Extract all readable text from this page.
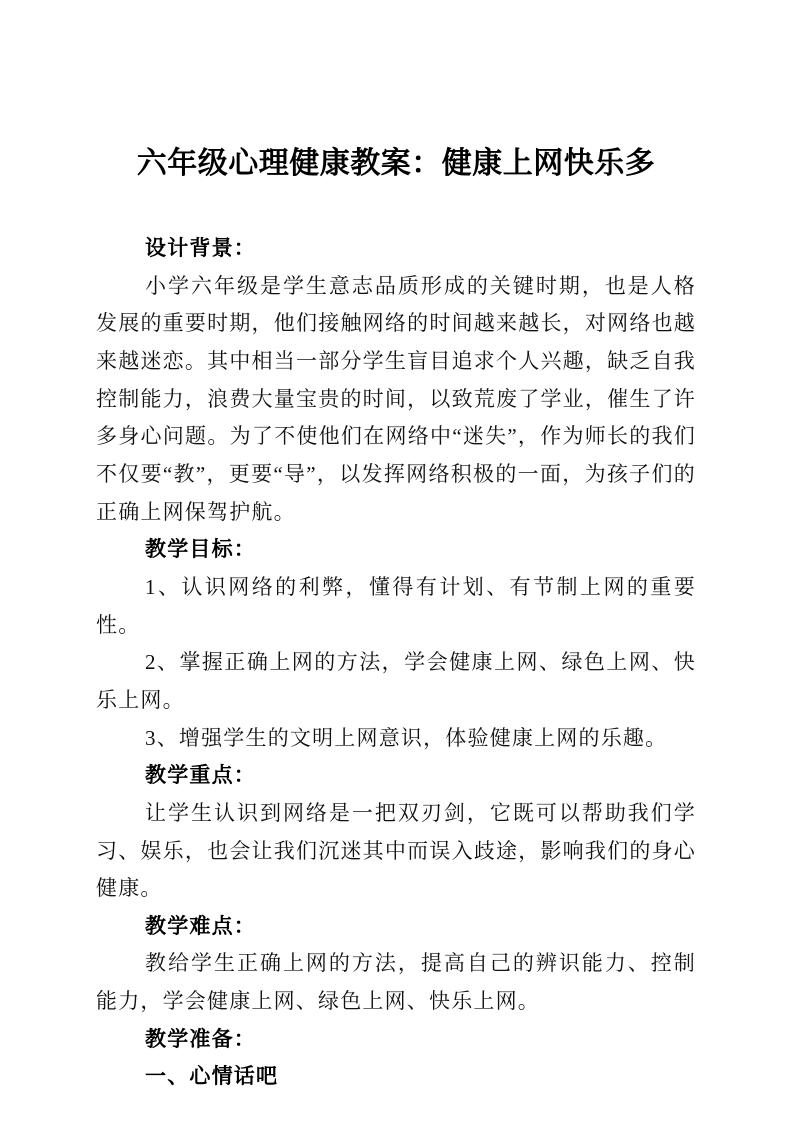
六年级心理健康教案：健康上网快乐多

设计背景：

小学六年级是学生意志品质形成的关键时期，也是人格发展的重要时期，他们接触网络的时间越来越长，对网络也越来越迷恋。其中相当一部分学生盲目追求个人兴趣，缺乏自我控制能力，浪费大量宝贵的时间，以致荒废了学业，催生了许多身心问题。为了不使他们在网络中“迷失”，作为师长的我们不仅要“教”，更要“导”，以发挥网络积极的一面，为孩子们的正确上网保驾护航。

教学目标：

1、认识网络的利弊，懂得有计划、有节制上网的重要性。

2、掌握正确上网的方法，学会健康上网、绿色上网、快乐上网。

3、增强学生的文明上网意识，体验健康上网的乐趣。

教学重点：

让学生认识到网络是一把双刃剑，它既可以帮助我们学习、娱乐，也会让我们沉迷其中而误入歧途，影响我们的身心健康。

教学难点：

教给学生正确上网的方法，提高自己的辨识能力、控制能力，学会健康上网、绿色上网、快乐上网。

教学准备：

一、心情话吧
